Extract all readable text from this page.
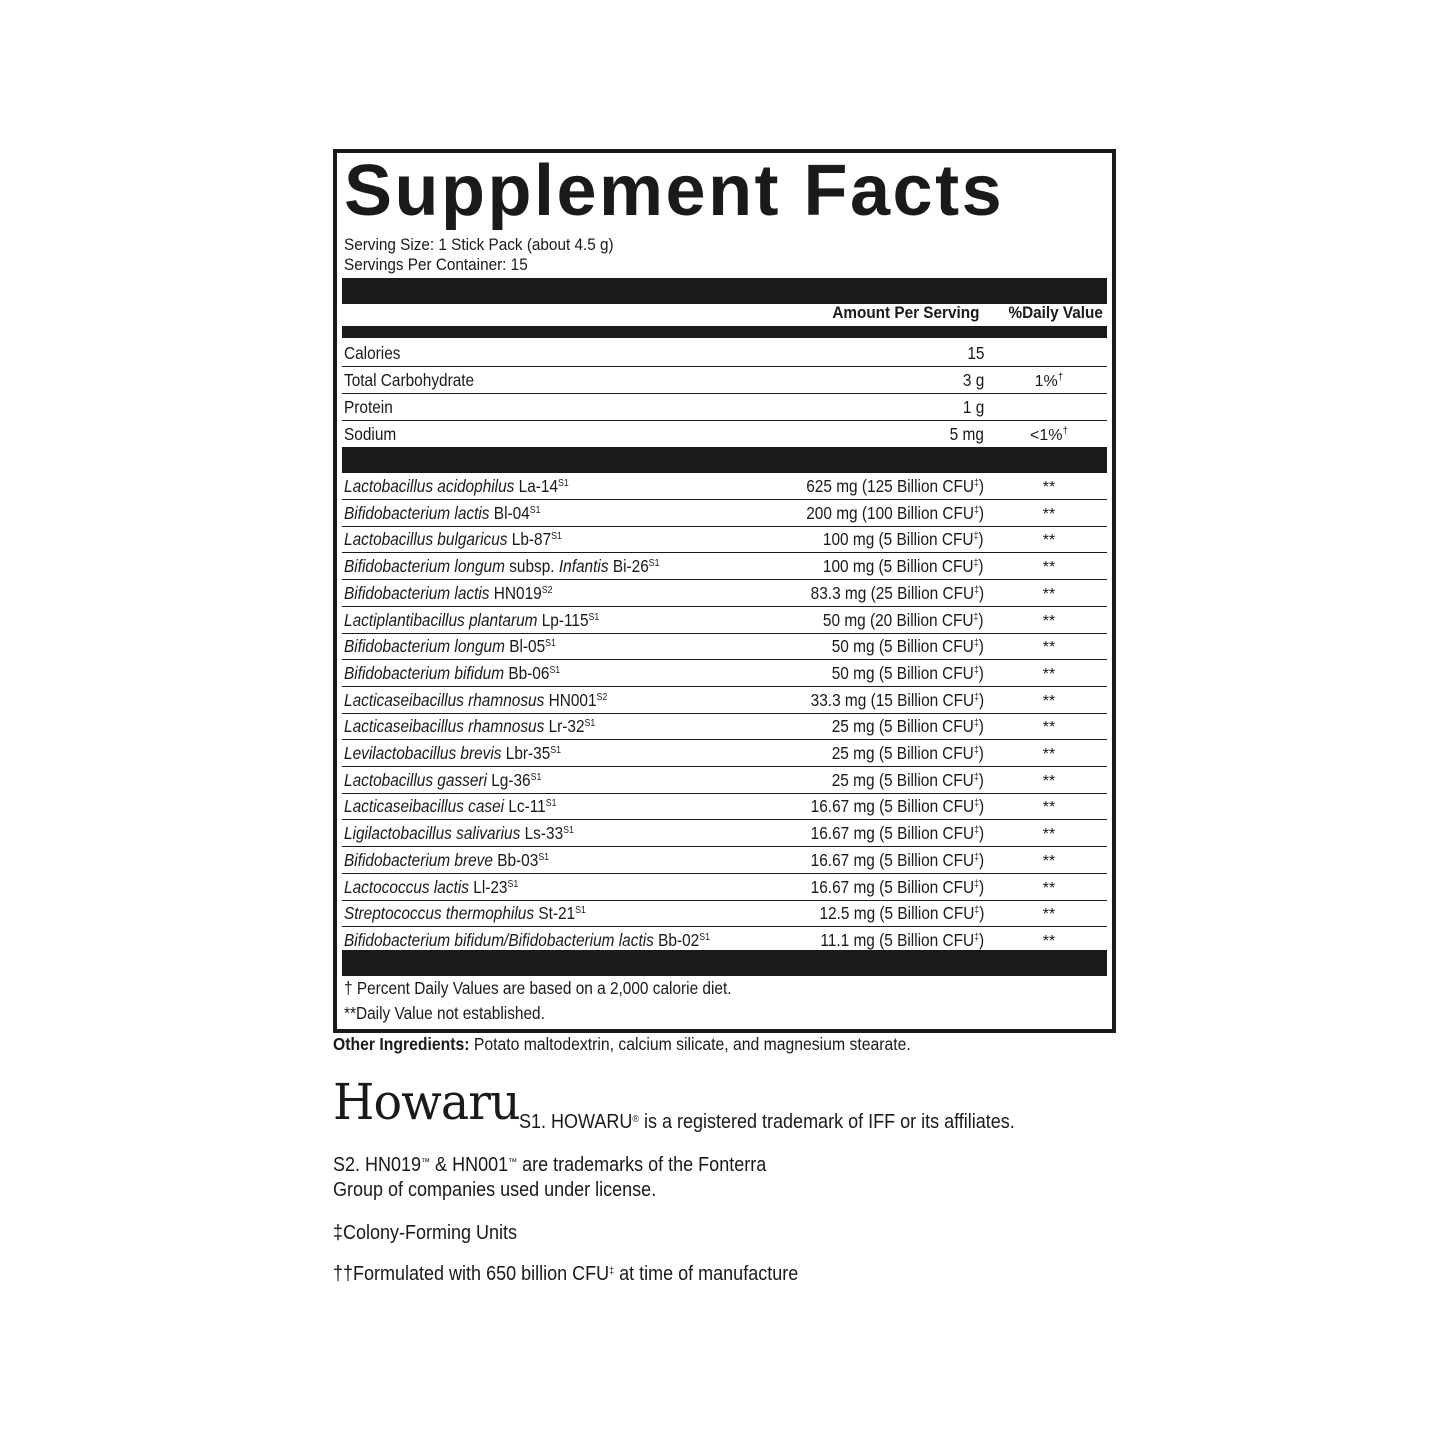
Supplement Facts
Serving Size: 1 Stick Pack (about 4.5 g)
Servings Per Container: 15
Amount Per Serving %Daily Value
Calories	15
Total Carbohydrate	3 g	1%†
Protein	1 g
Sodium	5 mg	<1%†
Lactobacillus acidophilus $La-14^{S1}$	625 mg (125 Billion CFU‡)	**
Bifidobacterium lactis $Bl-04^{S1}$	200 mg (100 Billion CFU‡)	**
Lactobacillus bulgaricus $Lb-87^{S1}$	100 mg (5 Billion CFU‡)	**
Bifidobacterium longum subsp. Infantis $Bi-26^{S1}$	100 mg (5 Billion CFU‡)	**
Bifidobacterium lactis $HN019^{S2}$	83.3 mg (25 Billion CFU‡)	**
Lactiplantibacillus plantarum $Lp-115^{S1}$	50 mg (20 Billion CFU‡)	**
Bifidobacterium longum $Bl-05^{S1}$	50 mg (5 Billion CFU‡)	**
Bifidobacterium bifidum $Bb-06^{S1}$	50 mg (5 Billion CFU‡)	**
Lacticaseibacillus rhamnosus $HN001^{S2}$	33.3 mg (15 Billion CFU‡)	**
Lacticaseibacillus rhamnosus $Lr-32^{S1}$	25 mg (5 Billion CFU‡)	**
Levilactobacillus brevis Lbr-$35^{S1}$	25 mg (5 Billion CFU‡)	**
Lactobacillus gasseri $Lg-36^{S1}$	25 mg (5 Billion CFU‡)	**
Lacticaseibacillus casei $Lc-11^{S1}$	16.67 mg (5 Billion CFU‡)	**
Ligilactobacillus salivarius $Ls-33^{S1}$	16.67 mg (5 Billion CFU‡)	**
Bifidobacterium breve $Bb-03^{S1}$	16.67 mg (5 Billion CFU‡)	**
Lactococcus lactis $Ll-23^{S1}$	16.67 mg (5 Billion CFU‡)	**
Streptococcus thermophilus $St-21^{S1}$	12.5 mg (5 Billion CFU‡)	**
Bifidobacterium bifidum/Bifidobacterium lactis $Bb-02^{S1}$	11.1 mg (5 Billion CFU‡)	**
† Percent Daily Values are based on a 2,000 calorie diet.
**Daily Value not established.
Other Ingredients: Potato maltodextrin, calcium silicate, and magnesium stearate.
Howaru S1. HOWARU® is a registered trademark of IFF or its affiliates.
S2. HN019™ & HN001™ are trademarks of the Fonterra
Group of companies used under license.
‡Colony-Forming Units
††Formulated with 650 billion CFU‡ at time of manufacture
